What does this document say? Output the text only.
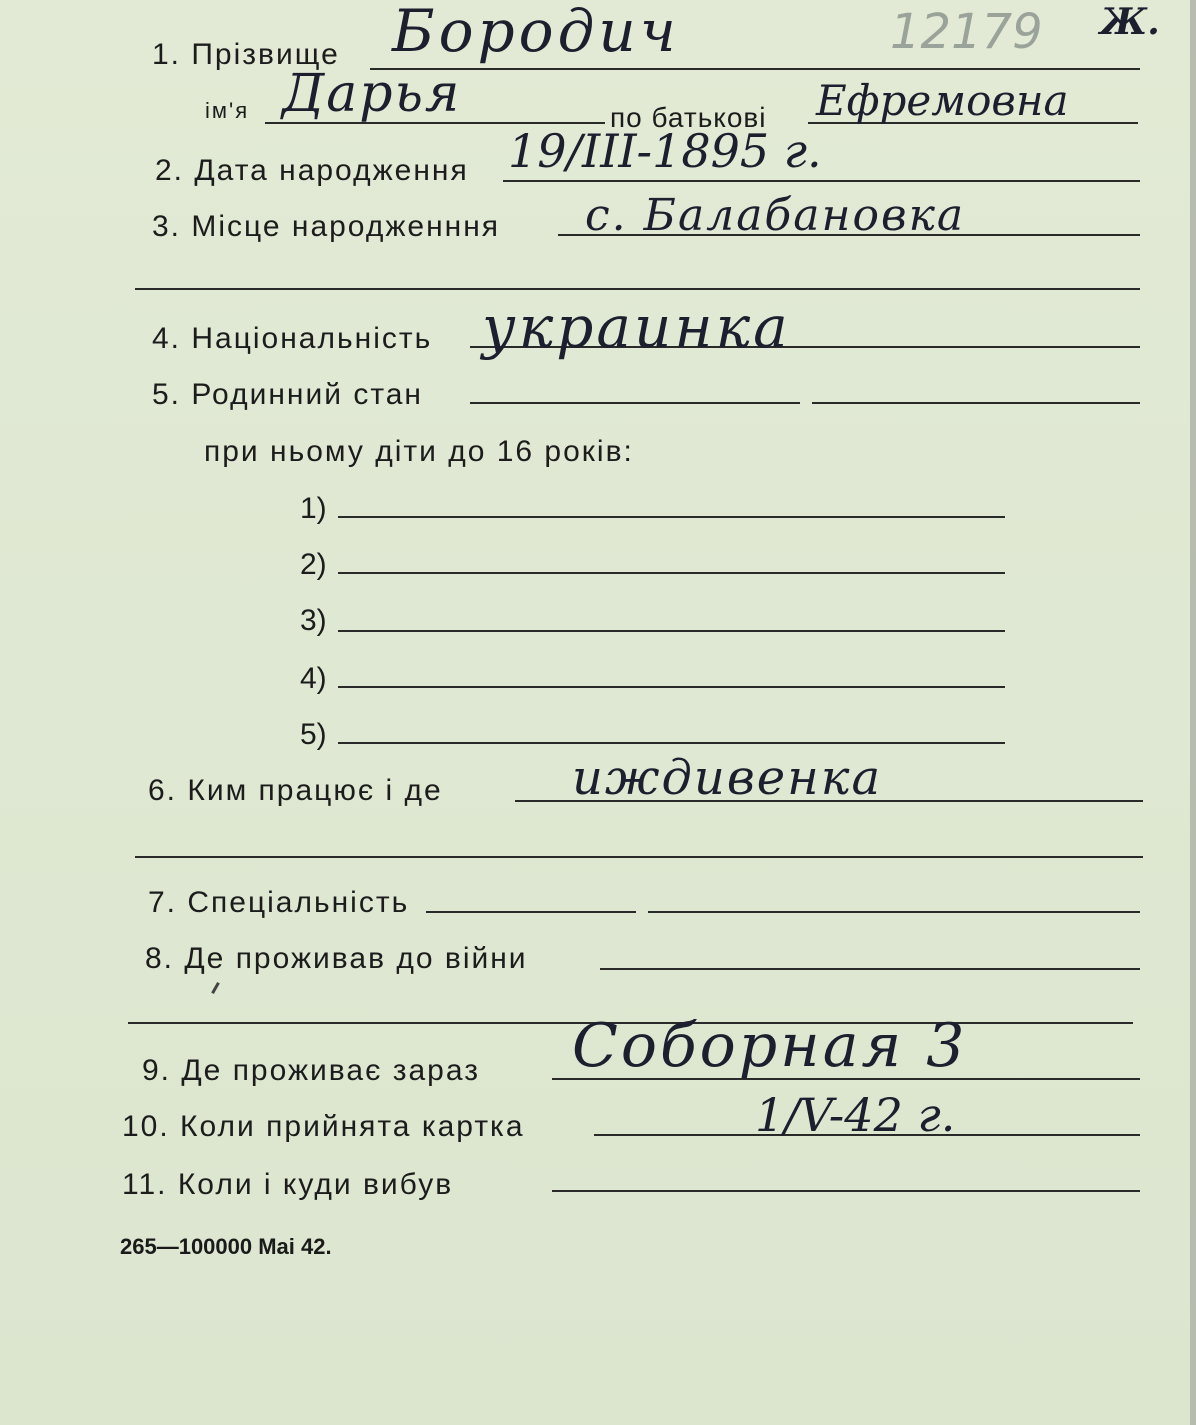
1. Прізвище Бородич	12179 Ж.
ім'я Дарья	по батькові Ефремовна
2. Дата народження 19/III-1895 г.
3. Місце народженння с. Балабановка
4. Національність украинка
5. Родинний стан
при ньому діти до 16 років:
1)
2)
3)
4)
5)
6. Ким працює і де	иждивенка
7. Спеціальність
8. Де проживав до війни
9. Де проживає зараз Соборная 3
10. Коли прийнята картка	1/V-42 г.
11. Коли і куди вибув
265—100000 Mai 42.
